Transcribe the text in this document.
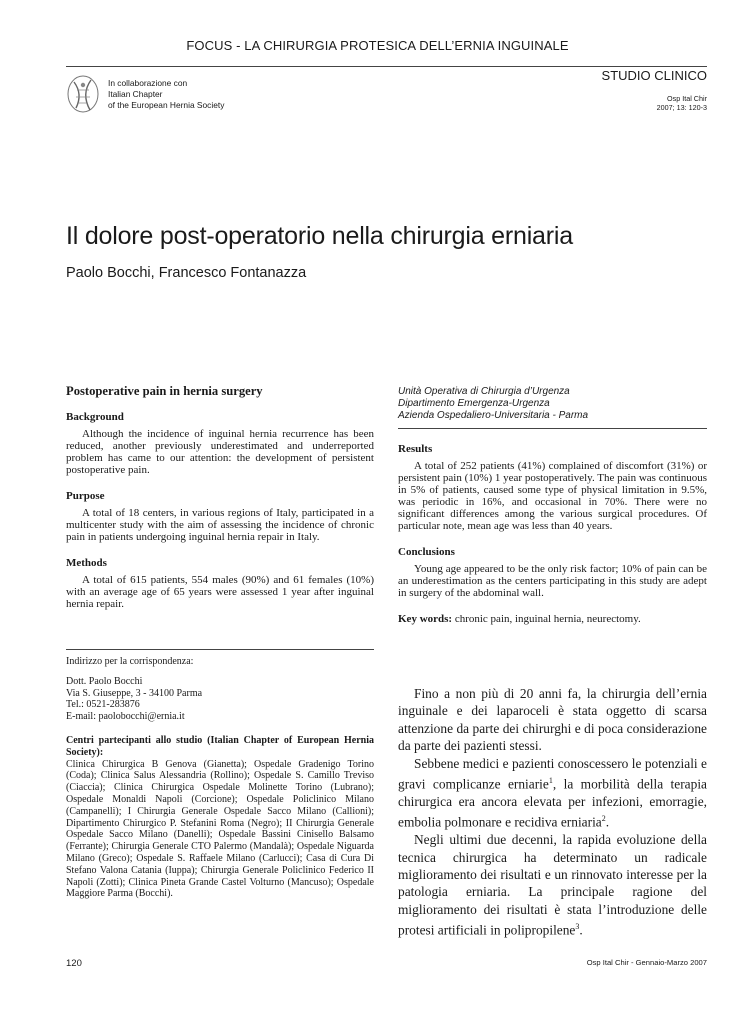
FOCUS - LA CHIRURGIA PROTESICA DELL’ERNIA INGUINALE
In collaborazione con
Italian Chapter
of the European Hernia Society
STUDIO CLINICO
Osp Ital Chir
2007; 13: 120-3
Il dolore post-operatorio nella chirurgia erniaria
Paolo Bocchi, Francesco Fontanazza
Postoperative pain in hernia surgery
Background

Although the incidence of inguinal hernia recurrence has been reduced, another previously underestimated and underreported problem has came to our attention: the development of persistent postoperative pain.

Purpose

A total of 18 centers, in various regions of Italy, participated in a multicenter study with the aim of assessing the incidence of chronic pain in patients undergoing inguinal hernia repair in Italy.

Methods

A total of 615 patients, 554 males (90%) and 61 females (10%) with an average age of 65 years were assessed 1 year after inguinal hernia repair.

Unità Operativa di Chirurgia d’Urgenza
Dipartimento Emergenza-Urgenza
Azienda Ospedaliero-Universitaria - Parma
Results

A total of 252 patients (41%) complained of discomfort (31%) or persistent pain (10%) 1 year postoperatively. The pain was continuous in 5% of patients, caused some type of physical limitation in 9.5%, was periodic in 16%, and occasional in 70%. There were no significant differences among the various surgical procedures. Of particular note, mean age was less than 40 years.

Conclusions

Young age appeared to be the only risk factor; 10% of pain can be an underestimation as the centers participating in this study are adept in surgery of the abdominal wall.

Key words: chronic pain, inguinal hernia, neurectomy.

Indirizzo per la corrispondenza:

Dott. Paolo Bocchi

Via S. Giuseppe, 3 - 34100 Parma

Tel.: 0521-283876

E-mail: paolobocchi@ernia.it

Centri partecipanti allo studio (Italian Chapter of European Hernia Society):
Clinica Chirurgica B Genova (Gianetta); Ospedale Gradenigo Torino (Coda); Clinica Salus Alessandria (Rollino); Ospedale S. Camillo Treviso (Ciaccia); Clinica Chirurgica Ospedale Molinette Torino (Lubrano); Ospedale Monaldi Napoli (Corcione); Ospedale Policlinico Milano (Campanelli); I Chirurgia Generale Ospedale Sacco Milano (Callioni); Dipartimento Chirurgico P. Stefanini Roma (Negro); II Chirurgia Generale Ospedale Sacco Milano (Danelli); Ospedale Bassini Cinisello Balsamo (Ferrante); Chirurgia Generale CTO Palermo (Mandalà); Ospedale Niguarda Milano (Greco); Ospedale S. Raffaele Milano (Carlucci); Casa di Cura Di Stefano Valona Catania (Iuppa); Chirurgia Generale Policlinico Federico II Napoli (Zotti); Clinica Pineta Grande Castel Volturno (Mancuso); Ospedale Maggiore Parma (Bocchi).

Fino a non più di 20 anni fa, la chirurgia dell’ernia inguinale e dei laparoceli è stata oggetto di scarsa attenzione da parte dei chirurghi e di poca considerazione da parte dei pazienti stessi.

Sebbene medici e pazienti conoscessero le potenziali e gravi complicanze erniarie$^1$, la morbilità della terapia chirurgica era ancora elevata per infezioni, emorragie, embolia polmonare e recidiva erniaria$^2$.

Negli ultimi due decenni, la rapida evoluzione della tecnica chirurgica ha determinato un radicale miglioramento dei risultati e un rinnovato interesse per la patologia erniaria. La principale ragione del miglioramento dei risultati è stata l’introduzione delle protesi artificiali in polipropilene$^3$.

120	Osp Ital Chir - Gennaio-Marzo 2007
